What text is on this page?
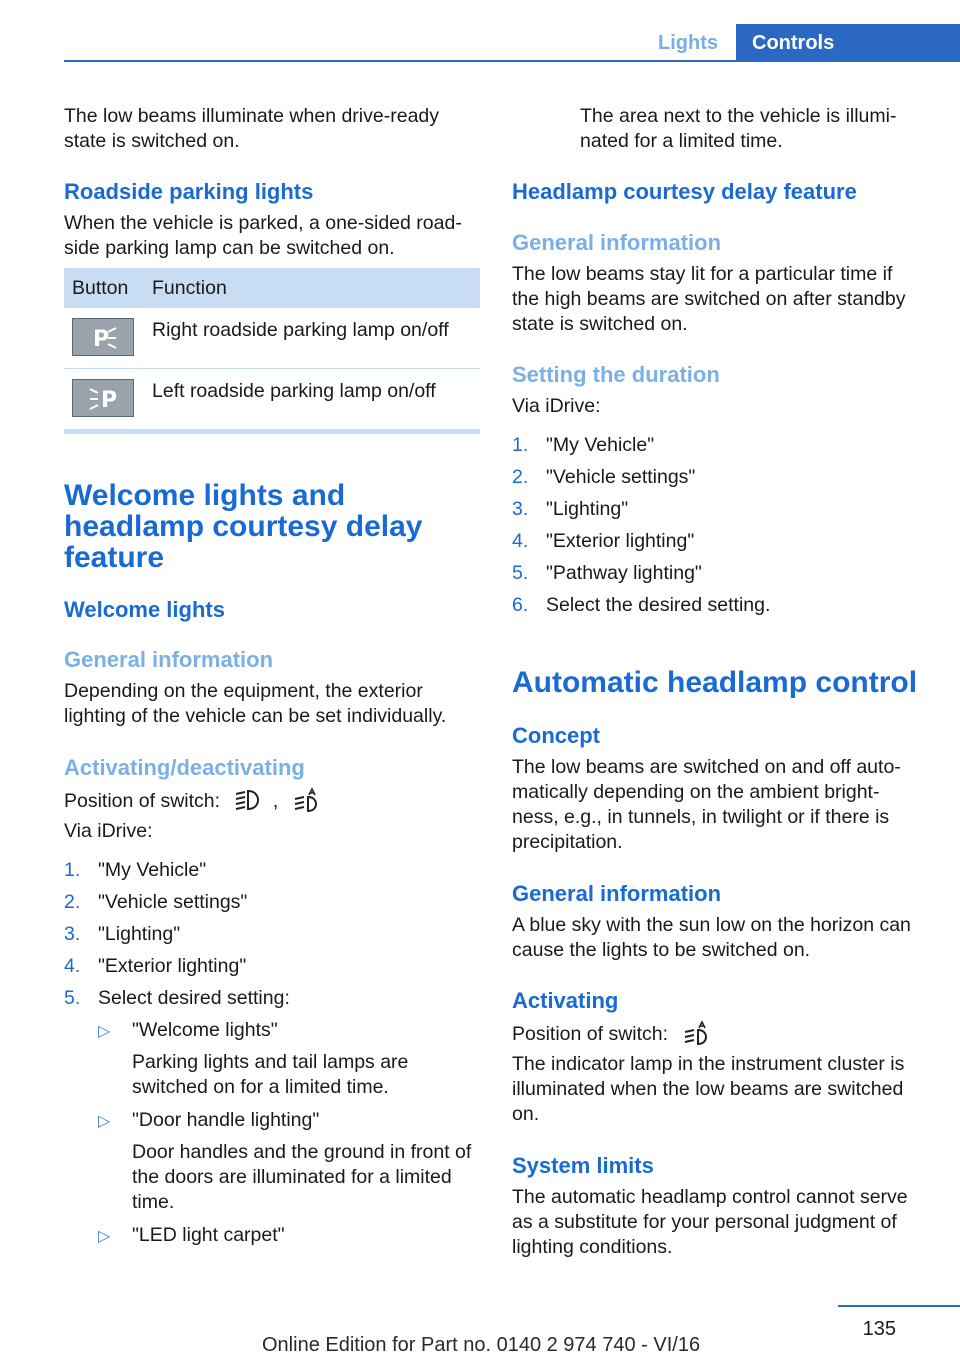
Lights	Controls

The low beams illuminate when drive-ready
state is switched on.

Roadside parking lights

When the vehicle is parked, a one-sided road‐
side parking lamp can be switched on.

Button Function
P Right roadside parking lamp on/off
P Left roadside parking lamp on/off

Welcome lights and
headlamp courtesy delay
feature

Welcome lights

General information

Depending on the equipment, the exterior
lighting of the vehicle can be set individually.

Activating/deactivating

Position of switch:	,

Via iDrive:

1. "My Vehicle"
2. "Vehicle settings"
3. "Lighting"
4. "Exterior lighting"
5. Select desired setting:
▷ "Welcome lights"
Parking lights and tail lamps are
switched on for a limited time.
▷ "Door handle lighting"
Door handles and the ground in front of
the doors are illuminated for a limited
time.
▷ "LED light carpet"

The area next to the vehicle is illumi‐
nated for a limited time.

Headlamp courtesy delay feature

General information

The low beams stay lit for a particular time if
the high beams are switched on after standby
state is switched on.

Setting the duration

Via iDrive:

1. "My Vehicle"
2. "Vehicle settings"
3. "Lighting"
4. "Exterior lighting"
5. "Pathway lighting"
6. Select the desired setting.

Automatic headlamp control

Concept

The low beams are switched on and off auto‐
matically depending on the ambient bright‐
ness, e.g., in tunnels, in twilight or if there is
precipitation.

General information

A blue sky with the sun low on the horizon can
cause the lights to be switched on.

Activating

Position of switch:

The indicator lamp in the instrument cluster is
illuminated when the low beams are switched
on.

System limits

The automatic headlamp control cannot serve
as a substitute for your personal judgment of
lighting conditions.

135
Online Edition for Part no. 0140 2 974 740 - VI/16
